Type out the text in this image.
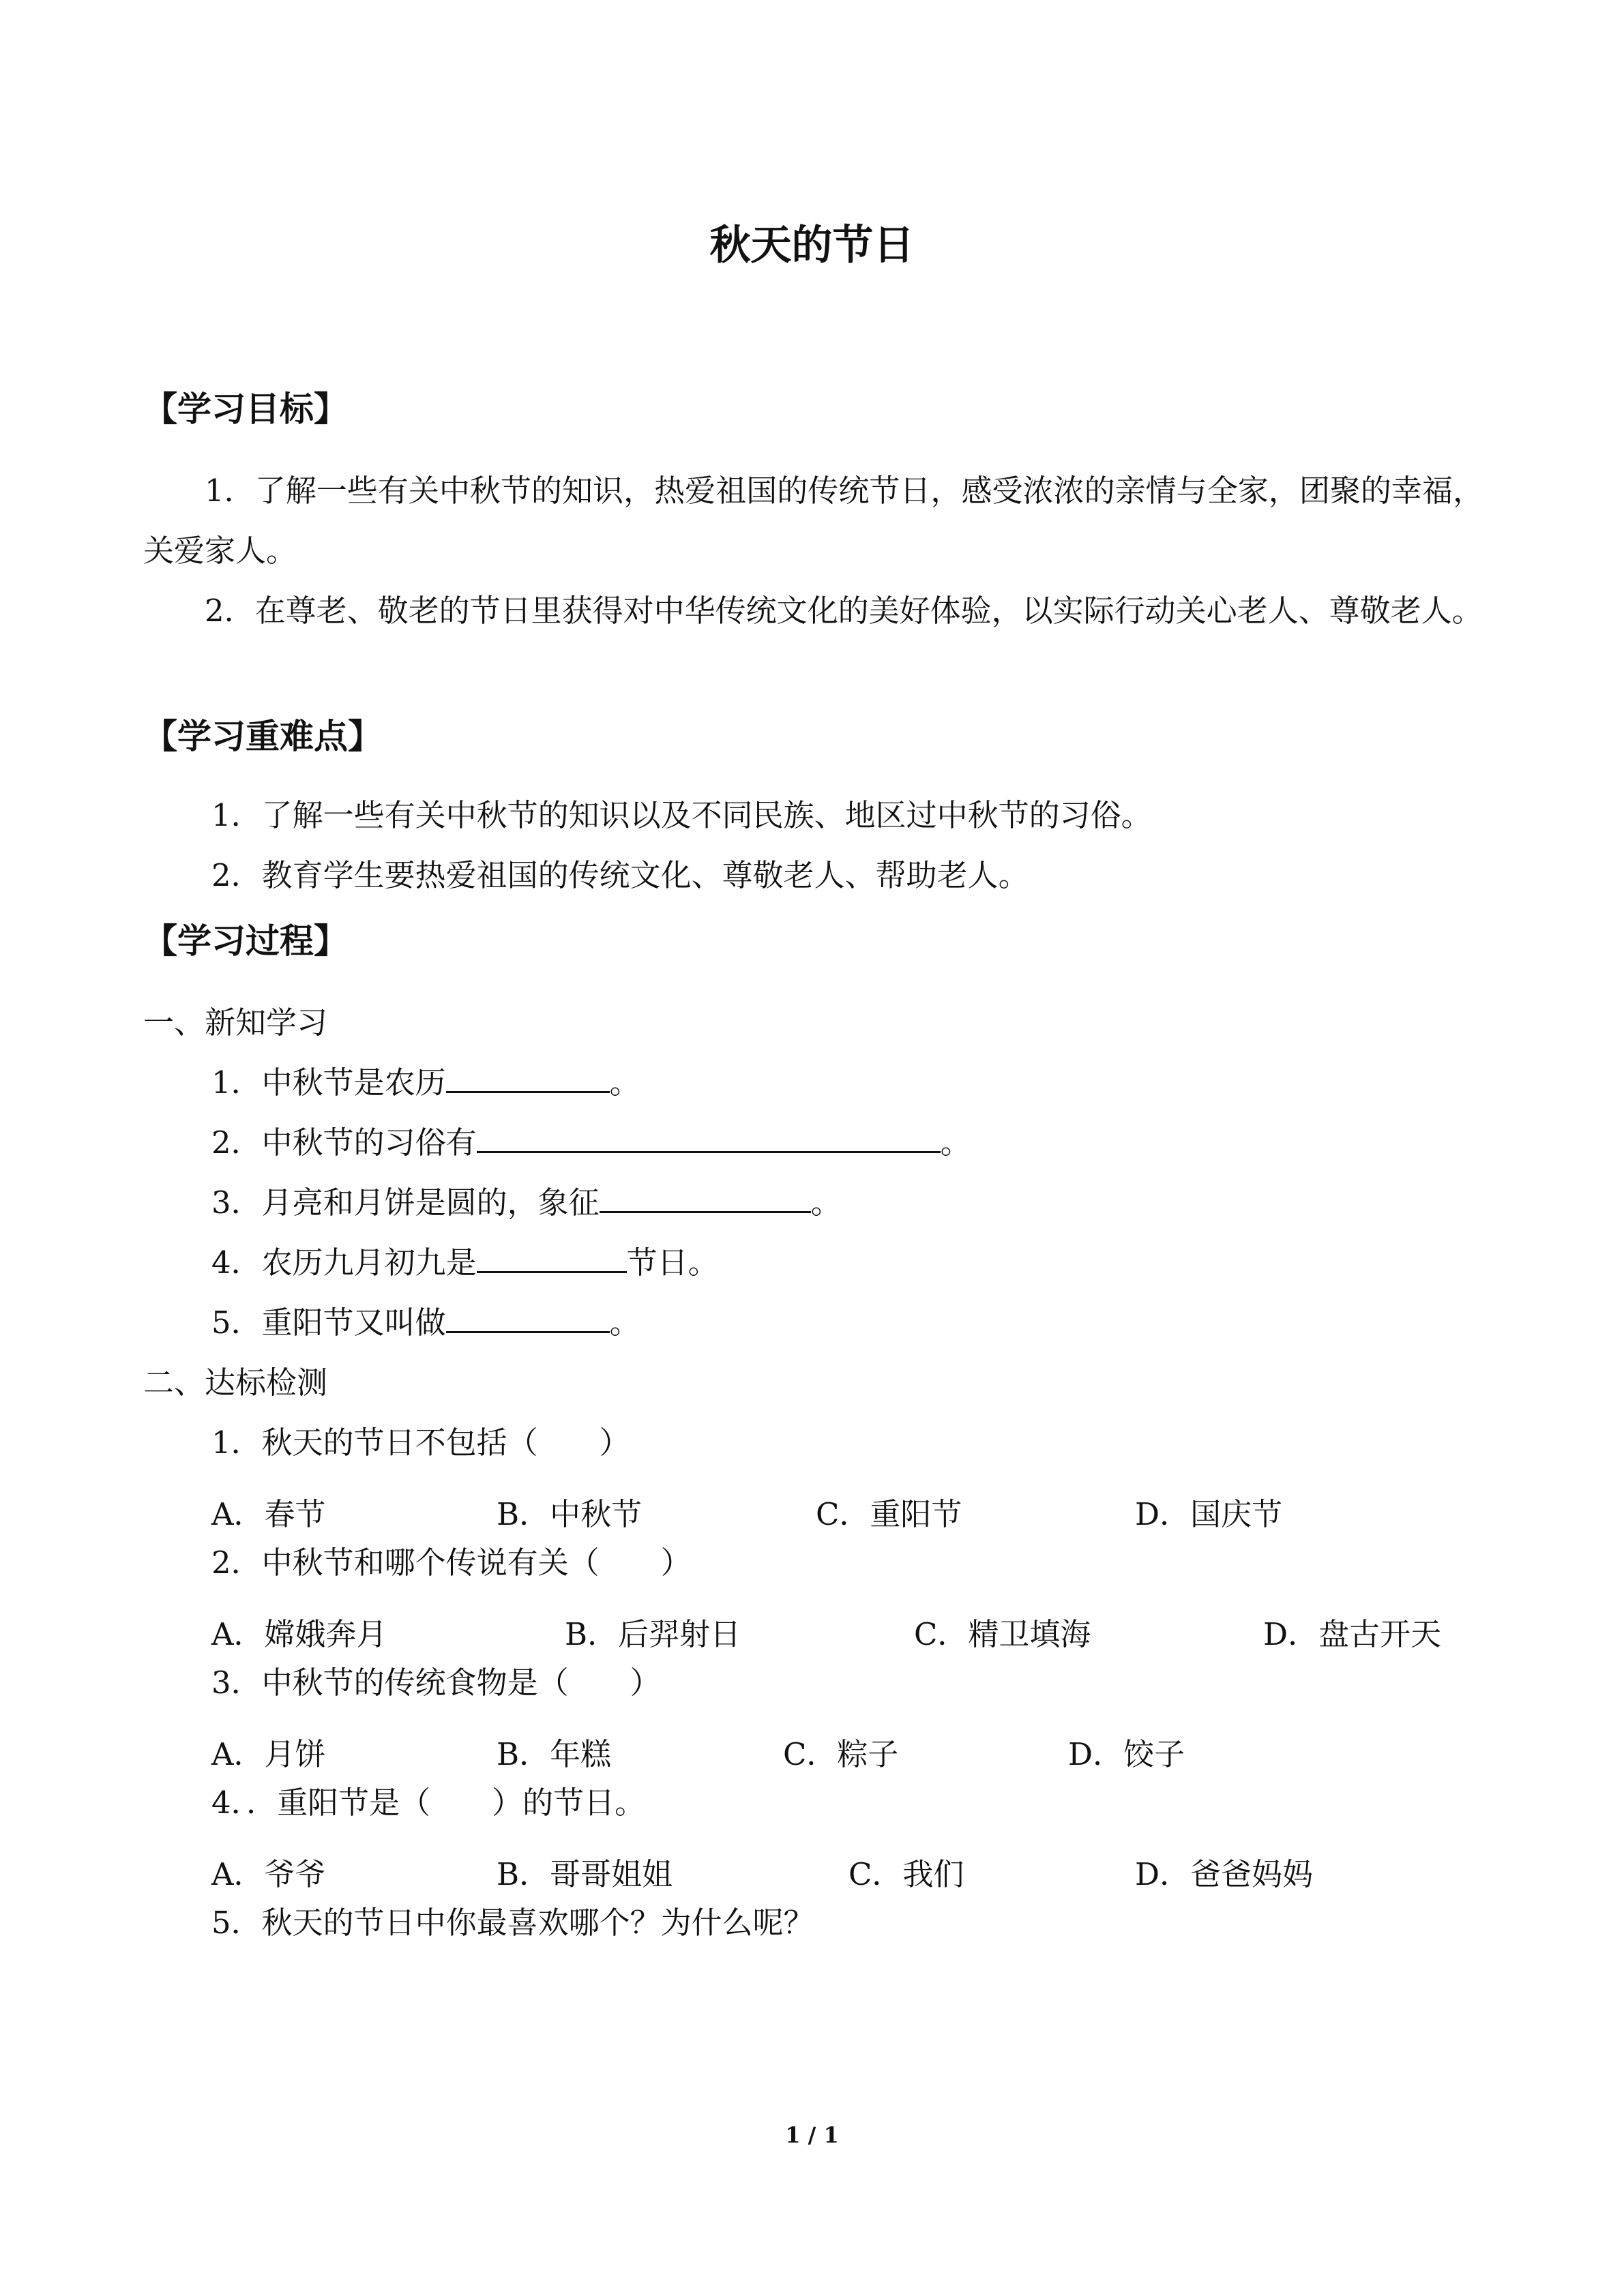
秋天的节日
【学习目标】
1．了解一些有关中秋节的知识，热爱祖国的传统节日，感受浓浓的亲情与全家，团聚的幸福，关爱家人。
2．在尊老、敬老的节日里获得对中华传统文化的美好体验，以实际行动关心老人、尊敬老人。
【学习重难点】
1．了解一些有关中秋节的知识以及不同民族、地区过中秋节的习俗。
2．教育学生要热爱祖国的传统文化、尊敬老人、帮助老人。
【学习过程】
一、新知学习
1．中秋节是农历	。
2．中秋节的习俗有	。
3．月亮和月饼是圆的，象征	。
4．农历九月初九是	节日。
5．重阳节又叫做	。
二、达标检测
1．秋天的节日不包括（　　）
A．春节	B．中秋节	C．重阳节	D．国庆节
2．中秋节和哪个传说有关（　　）
A．嫦娥奔月	B．后羿射日	C．精卫填海	D．盘古开天
3．中秋节的传统食物是（　　）
A．月饼	B．年糕	C．粽子	D．饺子
4．．重阳节是（　　）的节日。
A．爷爷	B．哥哥姐姐	C．我们	D．爸爸妈妈
5．秋天的节日中你最喜欢哪个？为什么呢？
1 / 1
